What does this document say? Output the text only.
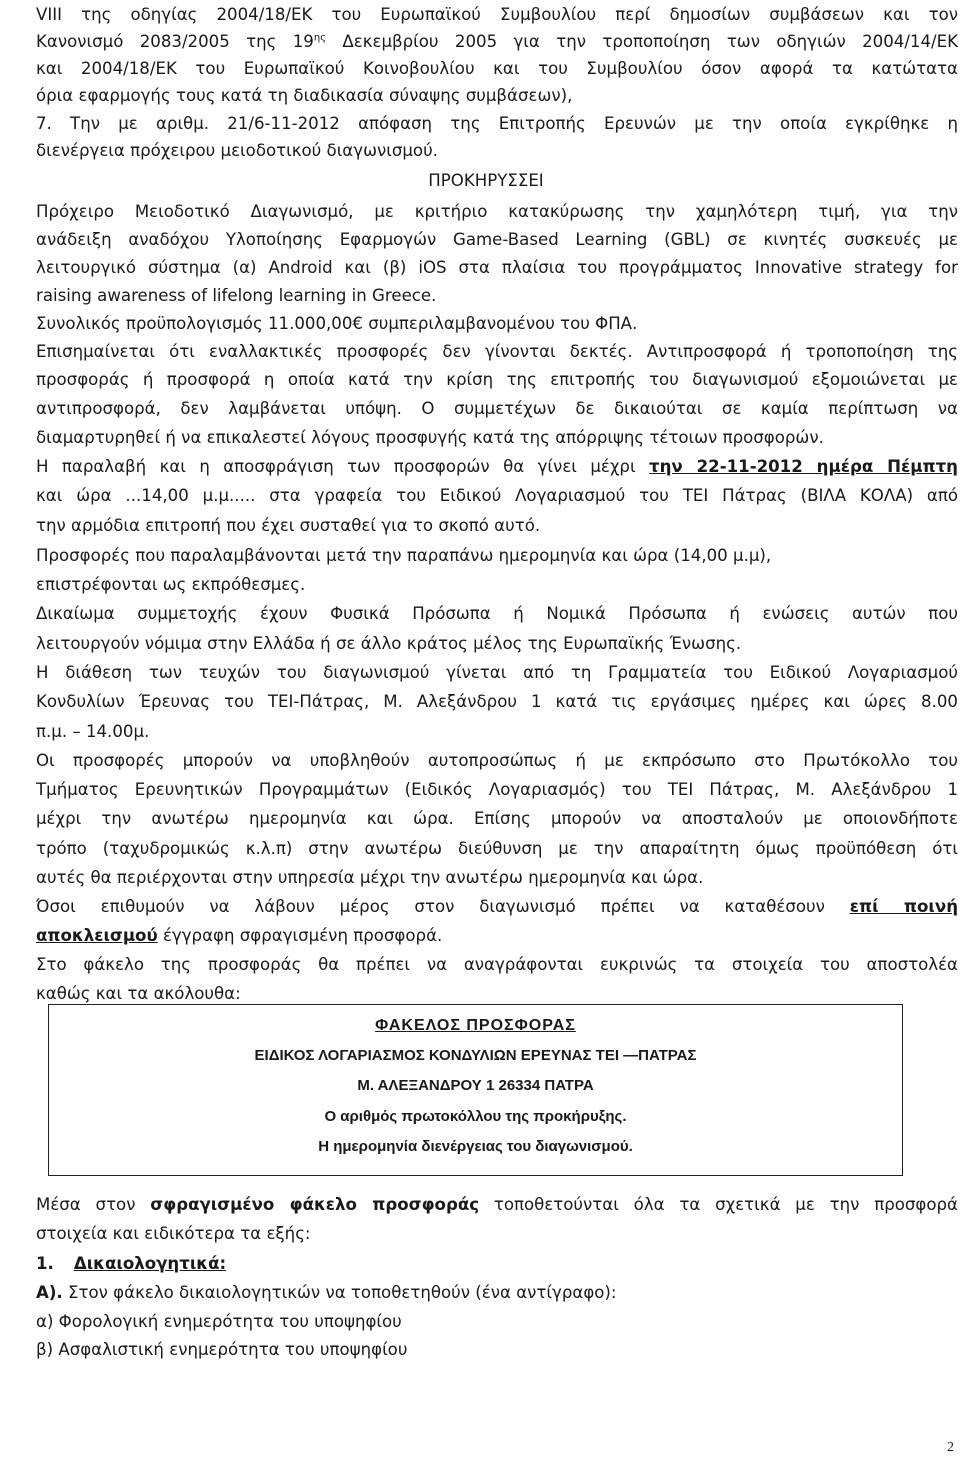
VIII της οδηγίας 2004/18/ΕΚ του Ευρωπαϊκού Συμβουλίου περί δημοσίων συμβάσεων και τον
Κανονισμό 2083/2005 της $19^{\eta\varsigma}$ Δεκεμβρίου 2005 για την τροποποίηση των οδηγιών 2004/14/ΕΚ
και 2004/18/ΕΚ του Ευρωπαϊκού Κοινοβουλίου και του Συμβουλίου όσον αφορά τα κατώτατα
όρια εφαρμογής τους κατά τη διαδικασία σύναψης συμβάσεων),
7. Την με αριθμ. 21/6-11-2012 απόφαση της Επιτροπής Ερευνών με την οποία εγκρίθηκε η
διενέργεια πρόχειρου μειοδοτικού διαγωνισμού.
ΠΡΟΚΗΡΥΣΣΕΙ
Πρόχειρο Μειοδοτικό Διαγωνισμό, με κριτήριο κατακύρωσης την χαμηλότερη τιμή, για την
ανάδειξη αναδόχου Υλοποίησης Εφαρμογών Game-Based Learning (GBL) σε κινητές συσκευές με
λειτουργικό σύστημα (α) Android και (β) iOS στα πλαίσια του προγράμματος Innovative strategy for
raising awareness of lifelong learning in Greece.
Συνολικός προϋπολογισμός 11.000,00€ συμπεριλαμβανομένου του ΦΠΑ.
Επισημαίνεται ότι εναλλακτικές προσφορές δεν γίνονται δεκτές. Αντιπροσφορά ή τροποποίηση της
προσφοράς ή προσφορά η οποία κατά την κρίση της επιτροπής του διαγωνισμού εξομοιώνεται με
αντιπροσφορά, δεν λαμβάνεται υπόψη. Ο συμμετέχων δε δικαιούται σε καμία περίπτωση να
διαμαρτυρηθεί ή να επικαλεστεί λόγους προσφυγής κατά της απόρριψης τέτοιων προσφορών.
Η παραλαβή και η αποσφράγιση των προσφορών θα γίνει μέχρι την 22-11-2012 ημέρα Πέμπτη
και ώρα ...14,00 μ.μ..... στα γραφεία του Ειδικού Λογαριασμού του ΤΕΙ Πάτρας (ΒΙΛΑ ΚΟΛΑ) από
την αρμόδια επιτροπή που έχει συσταθεί για το σκοπό αυτό.
Προσφορές που παραλαμβάνονται μετά την παραπάνω ημερομηνία και ώρα (14,00 μ.μ),
επιστρέφονται ως εκπρόθεσμες.
Δικαίωμα συμμετοχής έχουν Φυσικά Πρόσωπα ή Νομικά Πρόσωπα ή ενώσεις αυτών που
λειτουργούν νόμιμα στην Ελλάδα ή σε άλλο κράτος μέλος της Ευρωπαϊκής Ένωσης.
Η διάθεση των τευχών του διαγωνισμού γίνεται από τη Γραμματεία του Ειδικού Λογαριασμού
Κονδυλίων Έρευνας του ΤΕΙ-Πάτρας, Μ. Αλεξάνδρου 1 κατά τις εργάσιμες ημέρες και ώρες 8.00
π.μ. – 14.00μ.
Οι προσφορές μπορούν να υποβληθούν αυτοπροσώπως ή με εκπρόσωπο στο Πρωτόκολλο του
Τμήματος Ερευνητικών Προγραμμάτων (Ειδικός Λογαριασμός) του ΤΕΙ Πάτρας, Μ. Αλεξάνδρου 1
μέχρι την ανωτέρω ημερομηνία και ώρα. Επίσης μπορούν να αποσταλούν με οποιονδήποτε
τρόπο (ταχυδρομικώς κ.λ.π) στην ανωτέρω διεύθυνση με την απαραίτητη όμως προϋπόθεση ότι
αυτές θα περιέρχονται στην υπηρεσία μέχρι την ανωτέρω ημερομηνία και ώρα.
Όσοι επιθυμούν να λάβουν μέρος στον διαγωνισμό πρέπει να καταθέσουν επί ποινή
αποκλεισμού έγγραφη σφραγισμένη προσφορά.
Στο φάκελο της προσφοράς θα πρέπει να αναγράφονται ευκρινώς τα στοιχεία του αποστολέα
καθώς και τα ακόλουθα:
ΦΑΚΕΛΟΣ ΠΡΟΣΦΟΡΑΣ
ΕΙΔΙΚΟΣ ΛΟΓΑΡΙΑΣΜΟΣ ΚΟΝΔΥΛΙΩΝ ΕΡΕΥΝΑΣ ΤΕΙ —ΠΑΤΡΑΣ
Μ. ΑΛΕΞΑΝΔΡΟΥ 1 26334 ΠΑΤΡΑ
Ο αριθμός πρωτοκόλλου της προκήρυξης.
Η ημερομηνία διενέργειας του διαγωνισμού.
Μέσα στον σφραγισμένο φάκελο προσφοράς τοποθετούνται όλα τα σχετικά με την προσφορά
στοιχεία και ειδικότερα τα εξής:
1. Δικαιολογητικά:
Α). Στον φάκελο δικαιολογητικών να τοποθετηθούν (ένα αντίγραφο):
α) Φορολογική ενημερότητα του υποψηφίου
β) Ασφαλιστική ενημερότητα του υποψηφίου
2
